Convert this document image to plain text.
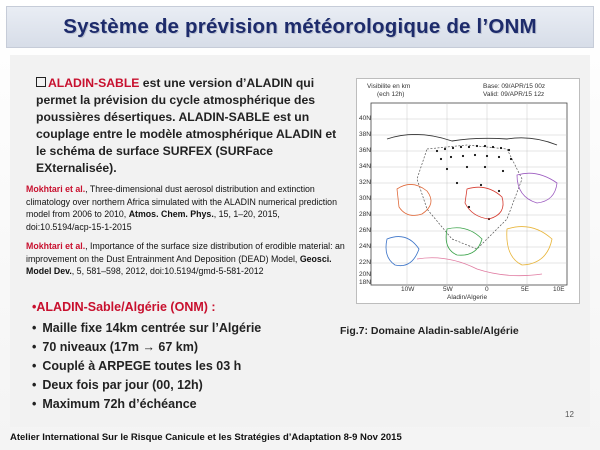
Système de prévision météorologique de l’ONM
ALADIN-SABLE est une version d’ALADIN qui permet la prévision du cycle atmosphérique des poussières désertiques. ALADIN-SABLE est un couplage entre le modèle atmosphérique ALADIN et le schéma de surface SURFEX (SURFace EXternalisée).
Mokhtari et al., Three-dimensional dust aerosol distribution and extinction climatology over northern Africa simulated with the ALADIN numerical prediction model from 2006 to 2010, Atmos. Chem. Phys., 15, 1–20, 2015, doi:10.5194/acp-15-1-2015
Mokhtari et al., Importance of the surface size distribution of erodible material: an improvement on the Dust Entrainment And Deposition (DEAD) Model, Geosci. Model Dev., 5, 581–598, 2012, doi:10.5194/gmd-5-581-2012
•ALADIN-Sable/Algérie (ONM) :
• Maille fixe 14km centrée sur l’Algérie
• 70 niveaux (17m → 67 km)
• Couplé à ARPEGE toutes les 03 h
• Deux fois par jour (00, 12h)
• Maximum 72h d’échéance
Visibilite en km
(ech 12h)
Base: 09/APR/15 00z
Valid: 09/APR/15 12z
40N
38N
36N
34N
32N
30N
28N
26N
24N
22N
20N
18N
10W	5W	0	5E	10E
Aladin/Algerie
Fig.7: Domaine Aladin-sable/Algérie
12
Atelier International Sur le Risque Canicule et les Stratégies d’Adaptation 8-9 Nov 2015
